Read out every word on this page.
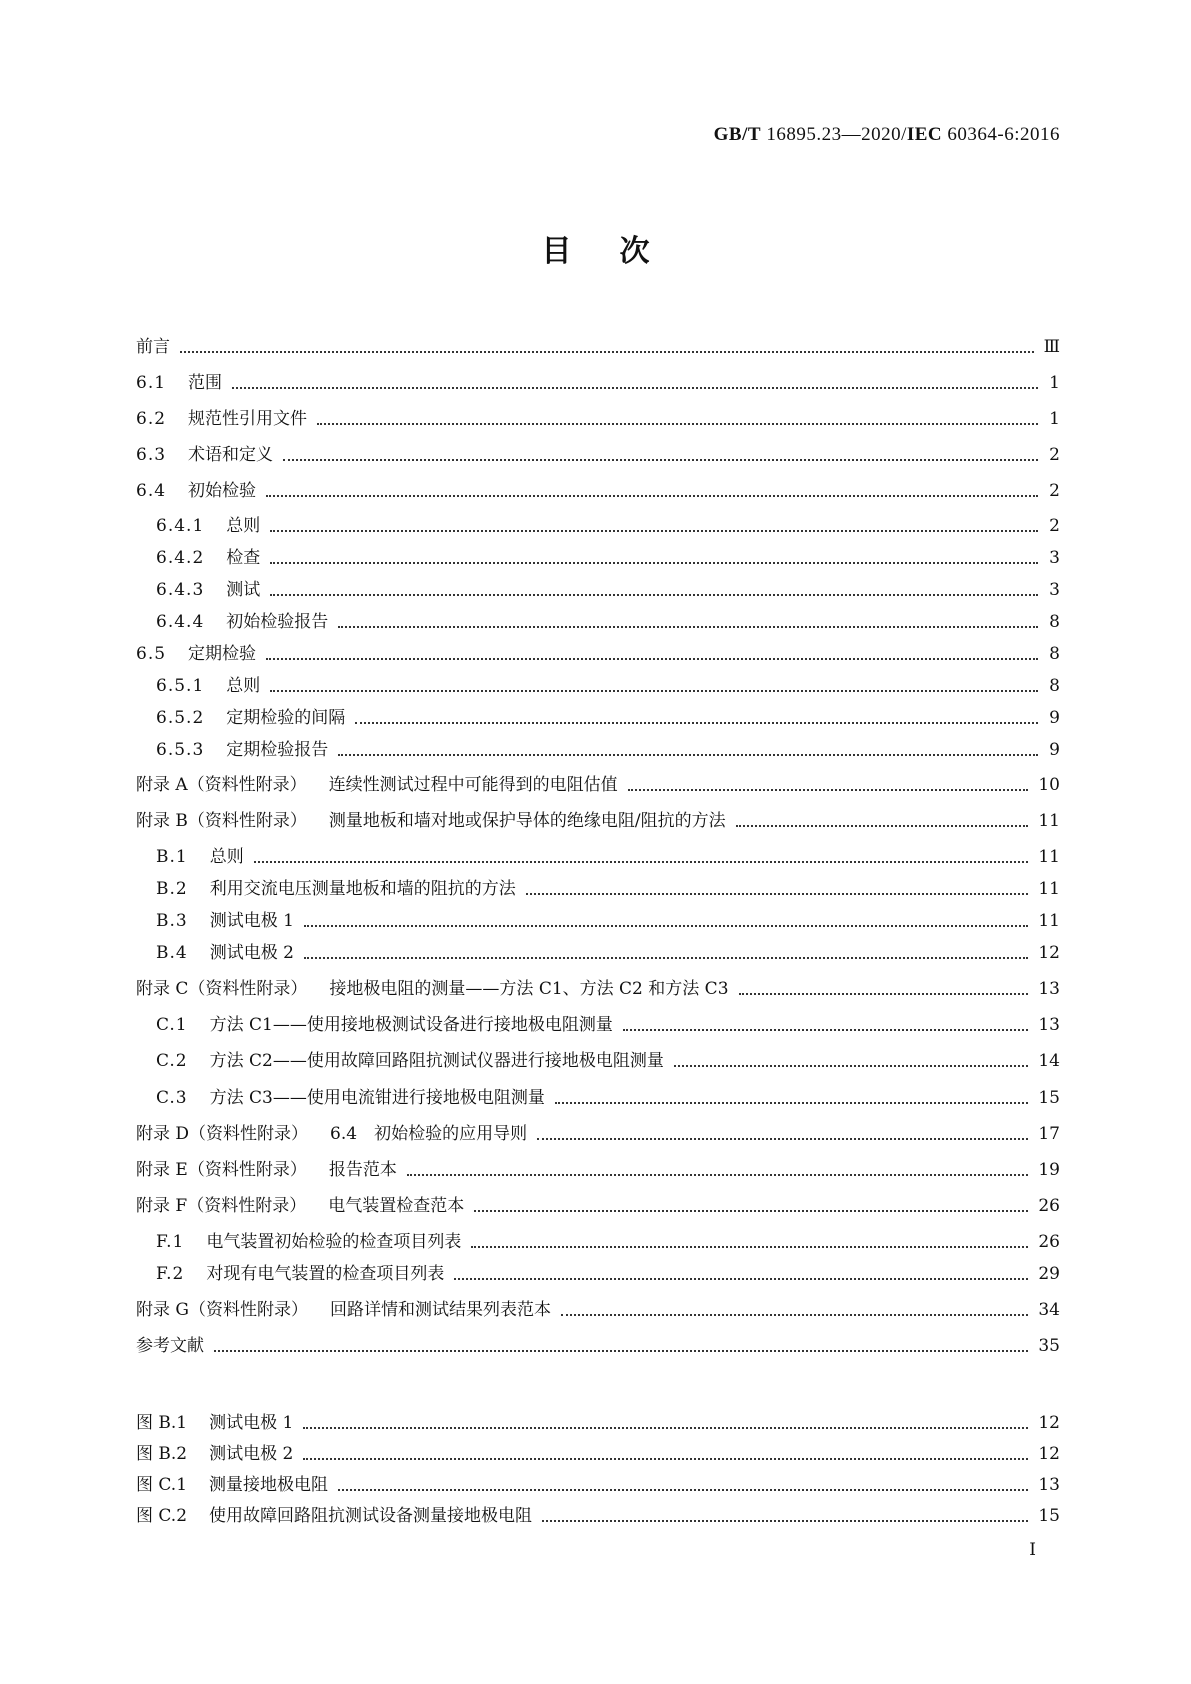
GB/T 16895.23—2020/IEC 60364-6:2016
目 次
前言	Ⅲ
6.1 范围	1
6.2 规范性引用文件	1
6.3 术语和定义	2
6.4 初始检验	2
6.4.1 总则	2
6.4.2 检查	3
6.4.3 测试	3
6.4.4 初始检验报告	8
6.5 定期检验	8
6.5.1 总则	8
6.5.2 定期检验的间隔	9
6.5.3 定期检验报告	9
附录 A（资料性附录） 连续性测试过程中可能得到的电阻估值	10
附录 B（资料性附录） 测量地板和墙对地或保护导体的绝缘电阻/阻抗的方法	11
B.1 总则	11
B.2 利用交流电压测量地板和墙的阻抗的方法	11
B.3 测试电极 1	11
B.4 测试电极 2	12
附录 C（资料性附录） 接地极电阻的测量——方法 C1、方法 C2 和方法 C3	13
C.1 方法 C1——使用接地极测试设备进行接地极电阻测量	13
C.2 方法 C2——使用故障回路阻抗测试仪器进行接地极电阻测量	14
C.3 方法 C3——使用电流钳进行接地极电阻测量	15
附录 D（资料性附录） 6.4　初始检验的应用导则	17
附录 E（资料性附录） 报告范本	19
附录 F（资料性附录） 电气装置检查范本	26
F.1 电气装置初始检验的检查项目列表	26
F.2 对现有电气装置的检查项目列表	29
附录 G（资料性附录） 回路详情和测试结果列表范本	34
参考文献	35
图 B.1 测试电极 1	12
图 B.2 测试电极 2	12
图 C.1 测量接地极电阻	13
图 C.2 使用故障回路阻抗测试设备测量接地极电阻	15
I
